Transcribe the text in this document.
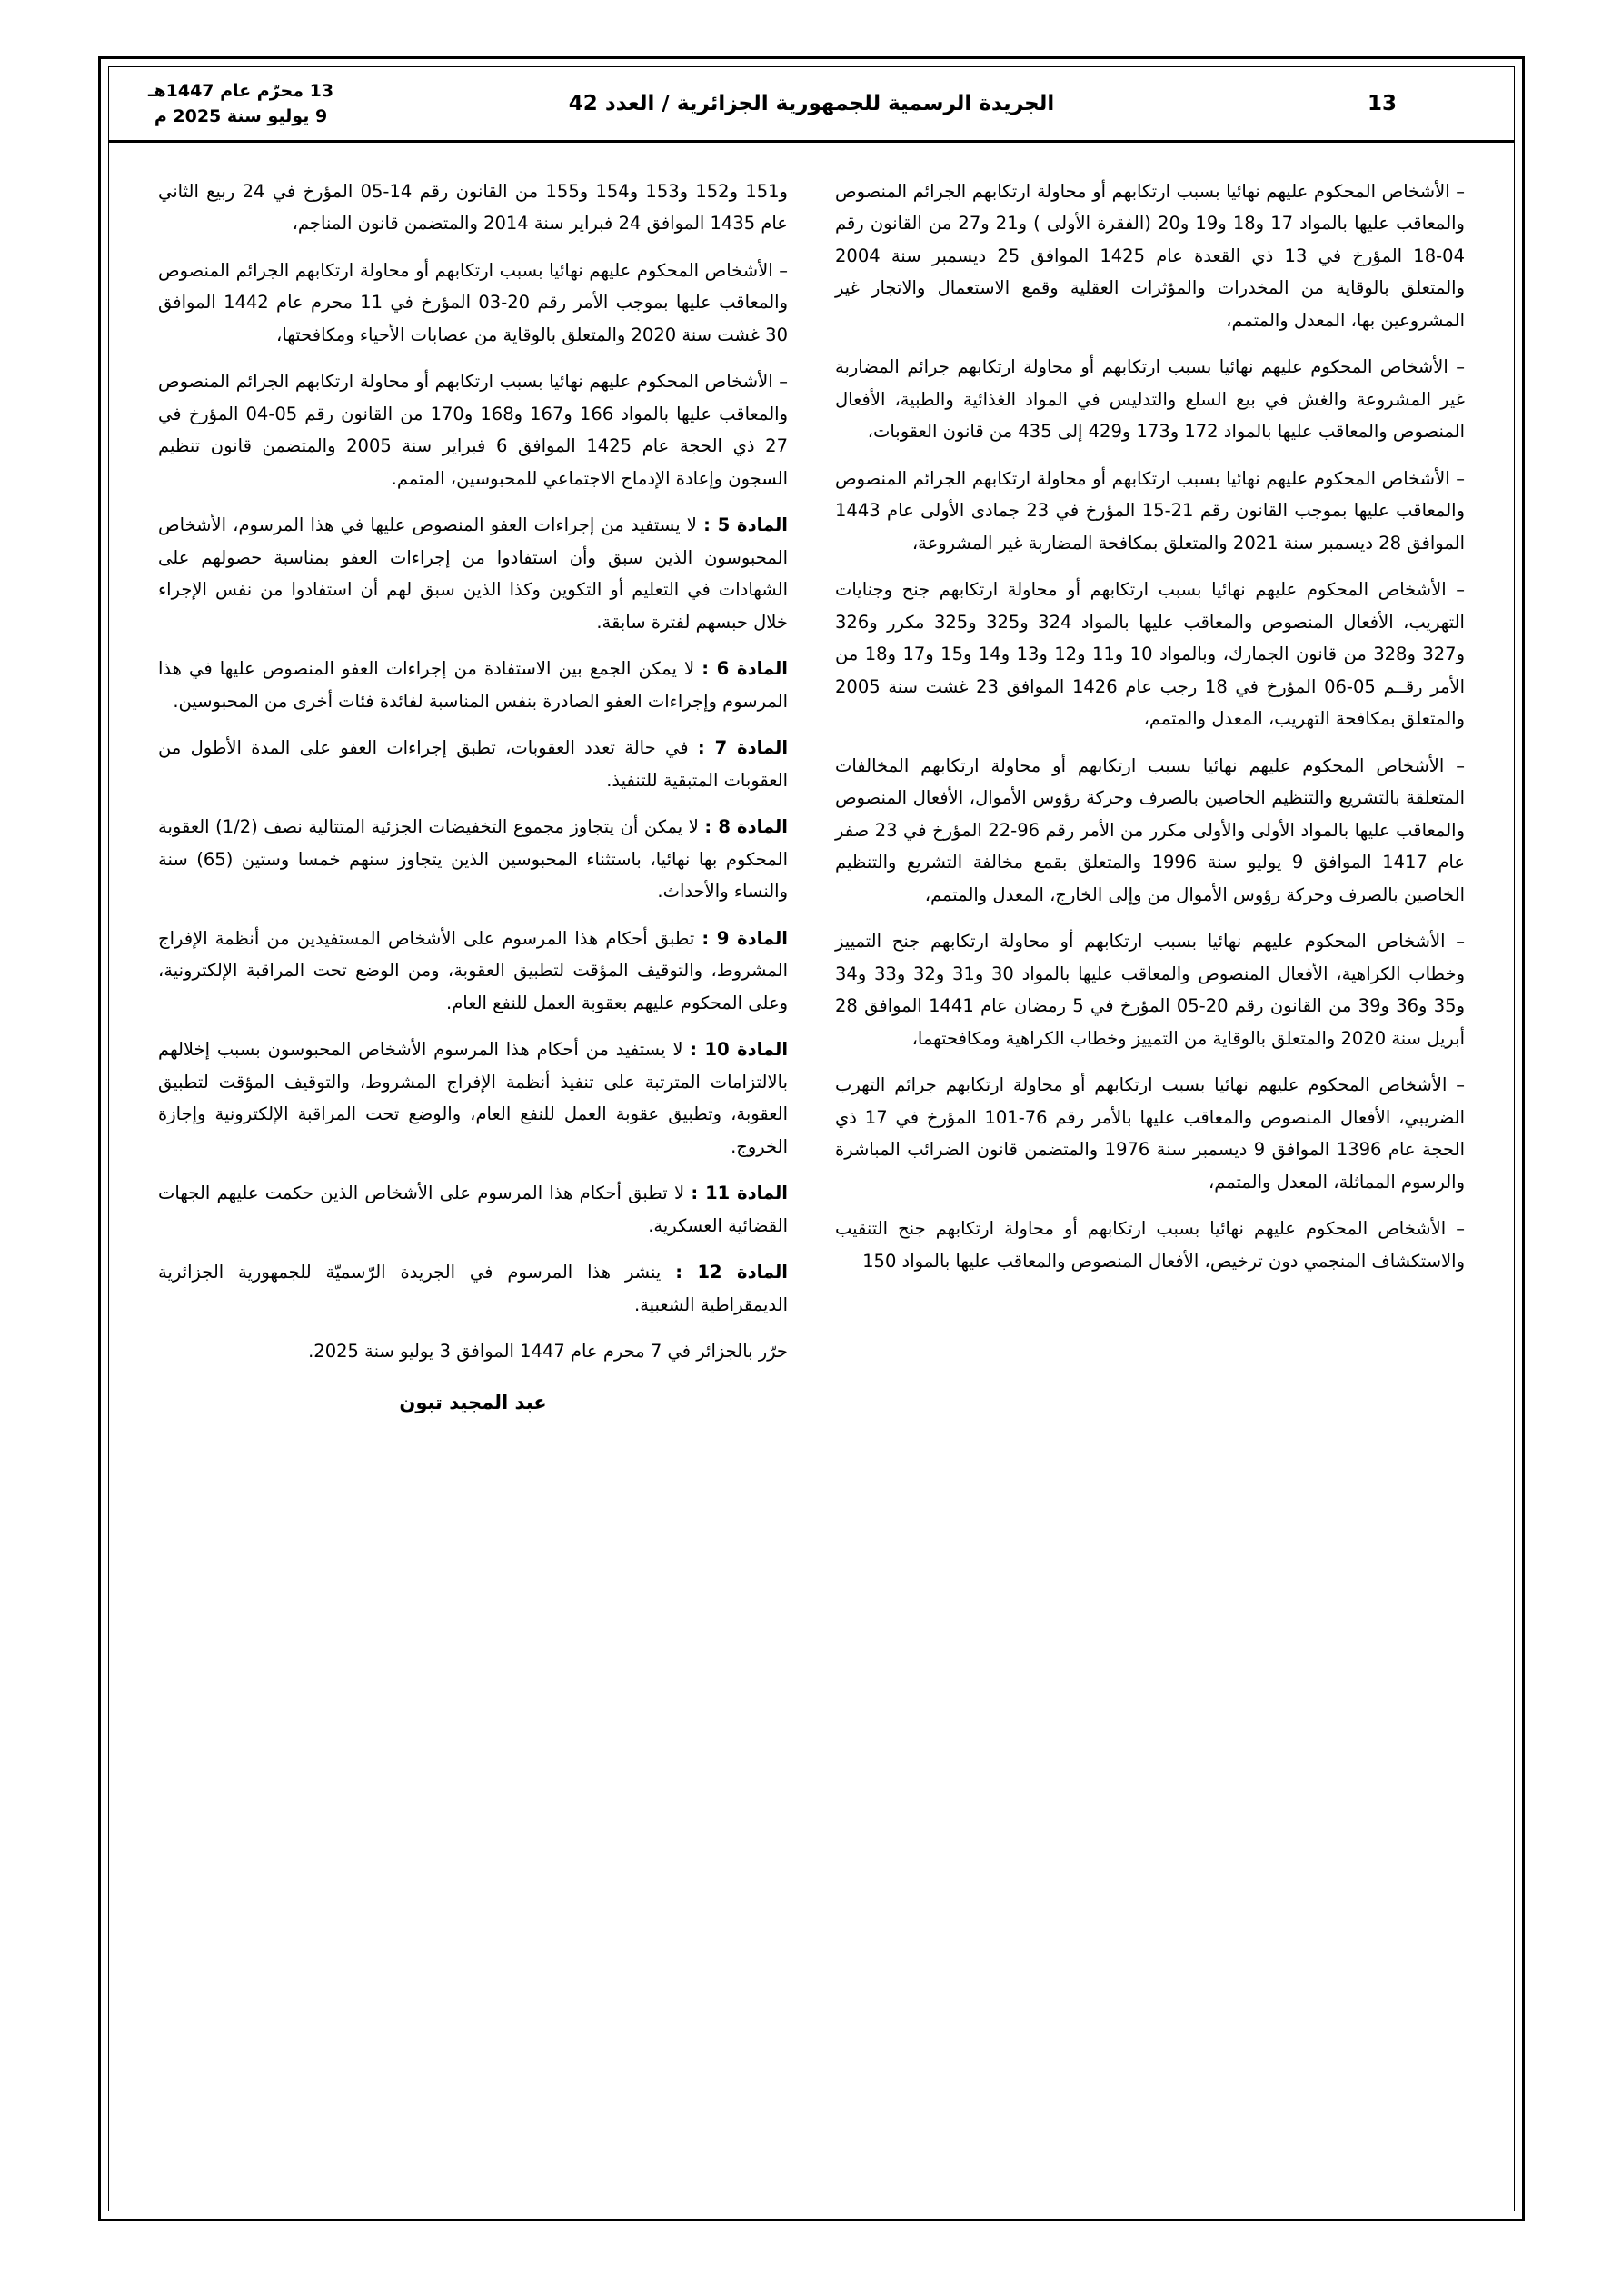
13
الجريدة الرسمية للجمهورية الجزائرية / العدد 42
13 محرّم عام 1447هـ
9 يوليو سنة 2025 م

– الأشخاص المحكوم عليهم نهائيا بسبب ارتكابهم أو محاولة ارتكابهم الجرائم المنصوص والمعاقب عليها بالمواد 17 و18 و19 و20 (الفقرة الأولى ) و21 و27 من القانون رقم 04-18 المؤرخ في 13 ذي القعدة عام 1425 الموافق 25 ديسمبر سنة 2004 والمتعلق بالوقاية من المخدرات والمؤثرات العقلية وقمع الاستعمال والاتجار غير المشروعين بها، المعدل والمتمم،

– الأشخاص المحكوم عليهم نهائيا بسبب ارتكابهم أو محاولة ارتكابهم جرائم المضاربة غير المشروعة والغش في بيع السلع والتدليس في المواد الغذائية والطبية، الأفعال المنصوص والمعاقب عليها بالمواد 172 و173 و429 إلى 435 من قانون العقوبات،

– الأشخاص المحكوم عليهم نهائيا بسبب ارتكابهم أو محاولة ارتكابهم الجرائم المنصوص والمعاقب عليها بموجب القانون رقم 21-15 المؤرخ في 23 جمادى الأولى عام 1443 الموافق 28 ديسمبر سنة 2021 والمتعلق بمكافحة المضاربة غير المشروعة،

– الأشخاص المحكوم عليهم نهائيا بسبب ارتكابهم أو محاولة ارتكابهم جنح وجنايات التهريب، الأفعال المنصوص والمعاقب عليها بالمواد 324 و325 و325 مكرر و326 و327 و328 من قانون الجمارك، وبالمواد 10 و11 و12 و13 و14 و15 و17 و18 من الأمر رقــم 05-06 المؤرخ في 18 رجب عام 1426 الموافق 23 غشت سنة 2005 والمتعلق بمكافحة التهريب، المعدل والمتمم،

– الأشخاص المحكوم عليهم نهائيا بسبب ارتكابهم أو محاولة ارتكابهم المخالفات المتعلقة بالتشريع والتنظيم الخاصين بالصرف وحركة رؤوس الأموال، الأفعال المنصوص والمعاقب عليها بالمواد الأولى والأولى مكرر من الأمر رقم 96-22 المؤرخ في 23 صفر عام 1417 الموافق 9 يوليو سنة 1996 والمتعلق بقمع مخالفة التشريع والتنظيم الخاصين بالصرف وحركة رؤوس الأموال من وإلى الخارج، المعدل والمتمم،

– الأشخاص المحكوم عليهم نهائيا بسبب ارتكابهم أو محاولة ارتكابهم جنح التمييز وخطاب الكراهية، الأفعال المنصوص والمعاقب عليها بالمواد 30 و31 و32 و33 و34 و35 و36 و39 من القانون رقم 20-05 المؤرخ في 5 رمضان عام 1441 الموافق 28 أبريل سنة 2020 والمتعلق بالوقاية من التمييز وخطاب الكراهية ومكافحتهما،

– الأشخاص المحكوم عليهم نهائيا بسبب ارتكابهم أو محاولة ارتكابهم جرائم التهرب الضريبي، الأفعال المنصوص والمعاقب عليها بالأمر رقم 76-101 المؤرخ في 17 ذي الحجة عام 1396 الموافق 9 ديسمبر سنة 1976 والمتضمن قانون الضرائب المباشرة والرسوم المماثلة، المعدل والمتمم،

– الأشخاص المحكوم عليهم نهائيا بسبب ارتكابهم أو محاولة ارتكابهم جنح التنقيب والاستكشاف المنجمي دون ترخيص، الأفعال المنصوص والمعاقب عليها بالمواد 150

و151 و152 و153 و154 و155 من القانون رقم 14-05 المؤرخ في 24 ربيع الثاني عام 1435 الموافق 24 فبراير سنة 2014 والمتضمن قانون المناجم،

– الأشخاص المحكوم عليهم نهائيا بسبب ارتكابهم أو محاولة ارتكابهم الجرائم المنصوص والمعاقب عليها بموجب الأمر رقم 20-03 المؤرخ في 11 محرم عام 1442 الموافق 30 غشت سنة 2020 والمتعلق بالوقاية من عصابات الأحياء ومكافحتها،

– الأشخاص المحكوم عليهم نهائيا بسبب ارتكابهم أو محاولة ارتكابهم الجرائم المنصوص والمعاقب عليها بالمواد 166 و167 و168 و170 من القانون رقم 05-04 المؤرخ في 27 ذي الحجة عام 1425 الموافق 6 فبراير سنة 2005 والمتضمن قانون تنظيم السجون وإعادة الإدماج الاجتماعي للمحبوسين، المتمم.

المادة 5 : لا يستفيد من إجراءات العفو المنصوص عليها في هذا المرسوم، الأشخاص المحبوسون الذين سبق وأن استفادوا من إجراءات العفو بمناسبة حصولهم على الشهادات في التعليم أو التكوين وكذا الذين سبق لهم أن استفادوا من نفس الإجراء خلال حبسهم لفترة سابقة.

المادة 6 : لا يمكن الجمع بين الاستفادة من إجراءات العفو المنصوص عليها في هذا المرسوم وإجراءات العفو الصادرة بنفس المناسبة لفائدة فئات أخرى من المحبوسين.

المادة 7 : في حالة تعدد العقوبات، تطبق إجراءات العفو على المدة الأطول من العقوبات المتبقية للتنفيذ.

المادة 8 : لا يمكن أن يتجاوز مجموع التخفيضات الجزئية المتتالية نصف (1/2) العقوبة المحكوم بها نهائيا، باستثناء المحبوسين الذين يتجاوز سنهم خمسا وستين (65) سنة والنساء والأحداث.

المادة 9 : تطبق أحكام هذا المرسوم على الأشخاص المستفيدين من أنظمة الإفراج المشروط، والتوقيف المؤقت لتطبيق العقوبة، ومن الوضع تحت المراقبة الإلكترونية، وعلى المحكوم عليهم بعقوبة العمل للنفع العام.

المادة 10 : لا يستفيد من أحكام هذا المرسوم الأشخاص المحبوسون بسبب إخلالهم بالالتزامات المترتبة على تنفيذ أنظمة الإفراج المشروط، والتوقيف المؤقت لتطبيق العقوبة، وتطبيق عقوبة العمل للنفع العام، والوضع تحت المراقبة الإلكترونية وإجازة الخروج.

المادة 11 : لا تطبق أحكام هذا المرسوم على الأشخاص الذين حكمت عليهم الجهات القضائية العسكرية.

المادة 12 : ينشر هذا المرسوم في الجريدة الرّسميّة للجمهورية الجزائرية الديمقراطية الشعبية.

حرّر بالجزائر في 7 محرم عام 1447 الموافق 3 يوليو سنة 2025.

عبد المجيد تبون
